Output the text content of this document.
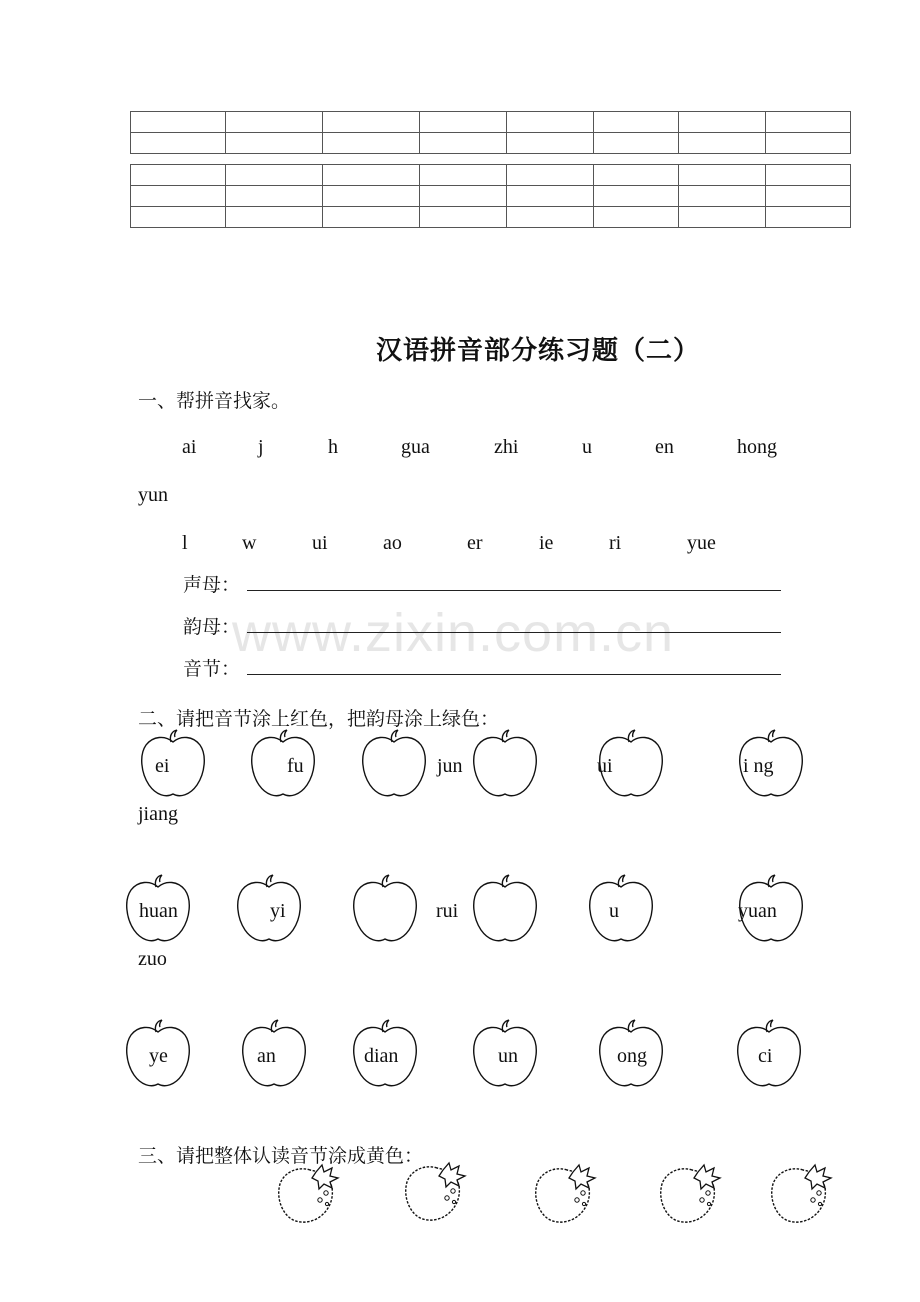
汉语拼音部分练习题（二）
一、帮拼音找家。
ai	j	h	gua	zhi	u	en	hong
yun
l	w	ui	ao	er	ie	ri	yue
www.zixin.com.cn
声母：
韵母：
音节：
二、请把音节涂上红色，把韵母涂上绿色：
ei	fu	jun	ui	i ng
jiang
huan	yi	rui	u	yuan
zuo
ye	an	dian	un	ong	ci
三、请把整体认读音节涂成黄色：
